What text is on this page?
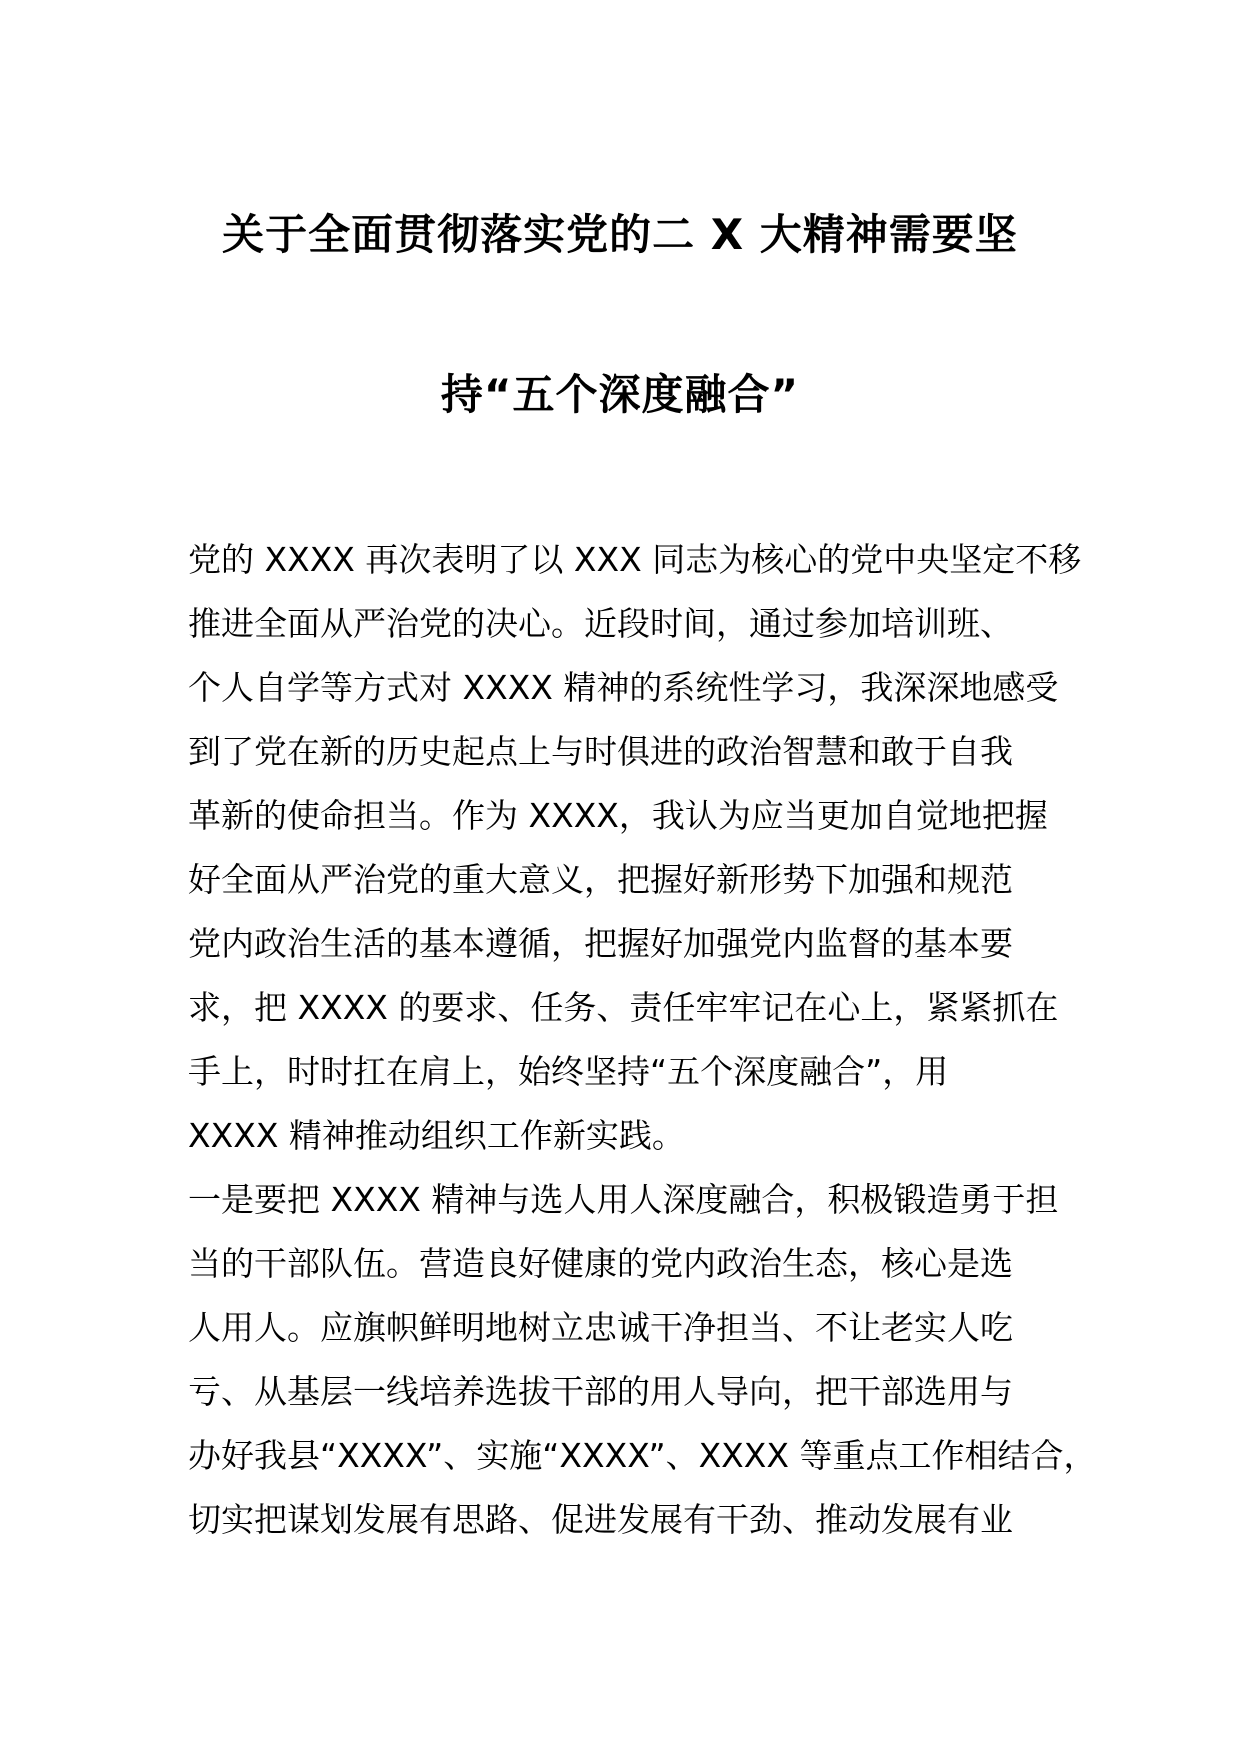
关于全面贯彻落实党的二 X 大精神需要坚
持“五个深度融合”
党的 XXXX 再次表明了以 XXX 同志为核心的党中央坚定不移
推进全面从严治党的决心。近段时间，通过参加培训班、
个人自学等方式对 XXXX 精神的系统性学习，我深深地感受
到了党在新的历史起点上与时俱进的政治智慧和敢于自我
革新的使命担当。作为 XXXX，我认为应当更加自觉地把握
好全面从严治党的重大意义，把握好新形势下加强和规范
党内政治生活的基本遵循，把握好加强党内监督的基本要
求，把 XXXX 的要求、任务、责任牢牢记在心上，紧紧抓在
手上，时时扛在肩上，始终坚持“五个深度融合”，用
XXXX 精神推动组织工作新实践。
一是要把 XXXX 精神与选人用人深度融合，积极锻造勇于担
当的干部队伍。营造良好健康的党内政治生态，核心是选
人用人。应旗帜鲜明地树立忠诚干净担当、不让老实人吃
亏、从基层一线培养选拔干部的用人导向，把干部选用与
办好我县“XXXX”、实施“XXXX”、XXXX 等重点工作相结合，
切实把谋划发展有思路、促进发展有干劲、推动发展有业
